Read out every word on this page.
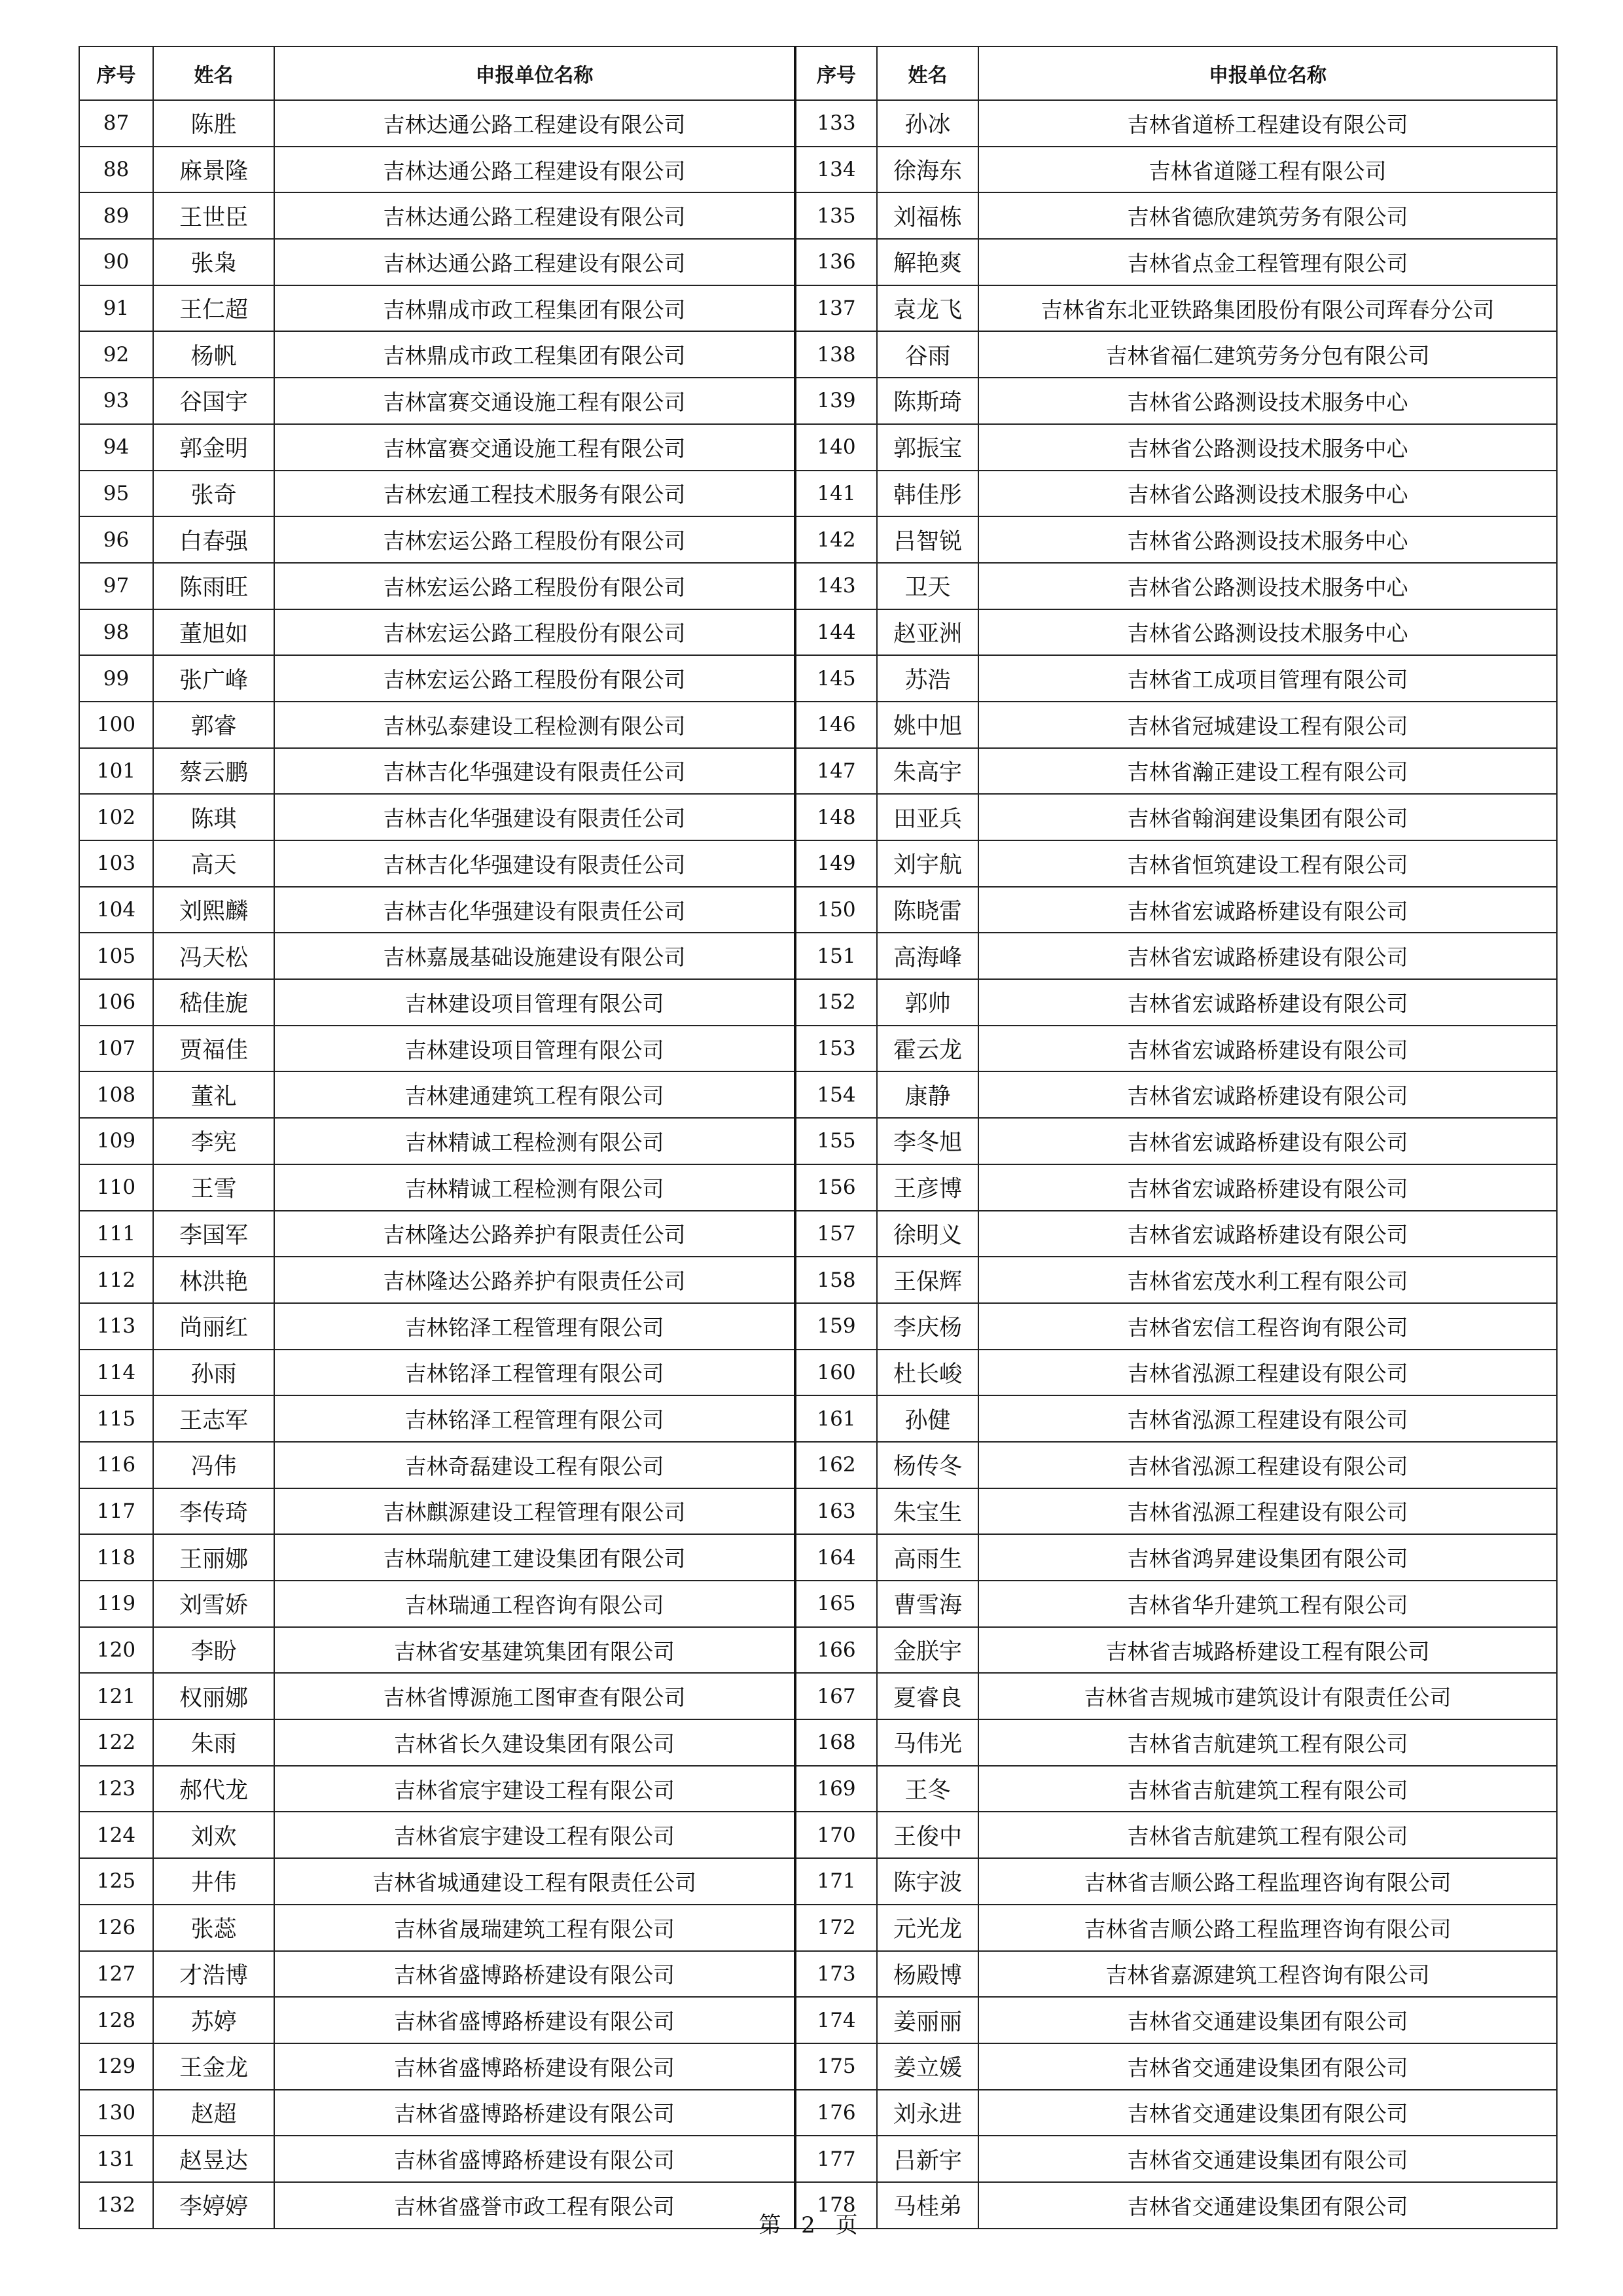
序号	姓名	申报单位名称	序号	姓名	申报单位名称
87	陈胜	吉林达通公路工程建设有限公司	133	孙冰	吉林省道桥工程建设有限公司
88	麻景隆	吉林达通公路工程建设有限公司	134	徐海东	吉林省道隧工程有限公司
89	王世臣	吉林达通公路工程建设有限公司	135	刘福栋	吉林省德欣建筑劳务有限公司
90	张枭	吉林达通公路工程建设有限公司	136	解艳爽	吉林省点金工程管理有限公司
91	王仁超	吉林鼎成市政工程集团有限公司	137	袁龙飞	吉林省东北亚铁路集团股份有限公司珲春分公司
92	杨帆	吉林鼎成市政工程集团有限公司	138	谷雨	吉林省福仁建筑劳务分包有限公司
93	谷国宇	吉林富赛交通设施工程有限公司	139	陈斯琦	吉林省公路测设技术服务中心
94	郭金明	吉林富赛交通设施工程有限公司	140	郭振宝	吉林省公路测设技术服务中心
95	张奇	吉林宏通工程技术服务有限公司	141	韩佳彤	吉林省公路测设技术服务中心
96	白春强	吉林宏运公路工程股份有限公司	142	吕智锐	吉林省公路测设技术服务中心
97	陈雨旺	吉林宏运公路工程股份有限公司	143	卫天	吉林省公路测设技术服务中心
98	董旭如	吉林宏运公路工程股份有限公司	144	赵亚洲	吉林省公路测设技术服务中心
99	张广峰	吉林宏运公路工程股份有限公司	145	苏浩	吉林省工成项目管理有限公司
100	郭睿	吉林弘泰建设工程检测有限公司	146	姚中旭	吉林省冠城建设工程有限公司
101	蔡云鹏	吉林吉化华强建设有限责任公司	147	朱高宇	吉林省瀚正建设工程有限公司
102	陈琪	吉林吉化华强建设有限责任公司	148	田亚兵	吉林省翰润建设集团有限公司
103	高天	吉林吉化华强建设有限责任公司	149	刘宇航	吉林省恒筑建设工程有限公司
104	刘熙麟	吉林吉化华强建设有限责任公司	150	陈晓雷	吉林省宏诚路桥建设有限公司
105	冯天松	吉林嘉晟基础设施建设有限公司	151	高海峰	吉林省宏诚路桥建设有限公司
106	嵇佳旎	吉林建设项目管理有限公司	152	郭帅	吉林省宏诚路桥建设有限公司
107	贾福佳	吉林建设项目管理有限公司	153	霍云龙	吉林省宏诚路桥建设有限公司
108	董礼	吉林建通建筑工程有限公司	154	康静	吉林省宏诚路桥建设有限公司
109	李宪	吉林精诚工程检测有限公司	155	李冬旭	吉林省宏诚路桥建设有限公司
110	王雪	吉林精诚工程检测有限公司	156	王彦博	吉林省宏诚路桥建设有限公司
111	李国军	吉林隆达公路养护有限责任公司	157	徐明义	吉林省宏诚路桥建设有限公司
112	林洪艳	吉林隆达公路养护有限责任公司	158	王保辉	吉林省宏茂水利工程有限公司
113	尚丽红	吉林铭泽工程管理有限公司	159	李庆杨	吉林省宏信工程咨询有限公司
114	孙雨	吉林铭泽工程管理有限公司	160	杜长峻	吉林省泓源工程建设有限公司
115	王志军	吉林铭泽工程管理有限公司	161	孙健	吉林省泓源工程建设有限公司
116	冯伟	吉林奇磊建设工程有限公司	162	杨传冬	吉林省泓源工程建设有限公司
117	李传琦	吉林麒源建设工程管理有限公司	163	朱宝生	吉林省泓源工程建设有限公司
118	王丽娜	吉林瑞航建工建设集团有限公司	164	高雨生	吉林省鸿昇建设集团有限公司
119	刘雪娇	吉林瑞通工程咨询有限公司	165	曹雪海	吉林省华升建筑工程有限公司
120	李盼	吉林省安基建筑集团有限公司	166	金朕宇	吉林省吉城路桥建设工程有限公司
121	权丽娜	吉林省博源施工图审查有限公司	167	夏睿良	吉林省吉规城市建筑设计有限责任公司
122	朱雨	吉林省长久建设集团有限公司	168	马伟光	吉林省吉航建筑工程有限公司
123	郝代龙	吉林省宸宇建设工程有限公司	169	王冬	吉林省吉航建筑工程有限公司
124	刘欢	吉林省宸宇建设工程有限公司	170	王俊中	吉林省吉航建筑工程有限公司
125	井伟	吉林省城通建设工程有限责任公司	171	陈宇波	吉林省吉顺公路工程监理咨询有限公司
126	张蕊	吉林省晟瑞建筑工程有限公司	172	元光龙	吉林省吉顺公路工程监理咨询有限公司
127	才浩博	吉林省盛博路桥建设有限公司	173	杨殿博	吉林省嘉源建筑工程咨询有限公司
128	苏婷	吉林省盛博路桥建设有限公司	174	姜丽丽	吉林省交通建设集团有限公司
129	王金龙	吉林省盛博路桥建设有限公司	175	姜立媛	吉林省交通建设集团有限公司
130	赵超	吉林省盛博路桥建设有限公司	176	刘永进	吉林省交通建设集团有限公司
131	赵昱达	吉林省盛博路桥建设有限公司	177	吕新宇	吉林省交通建设集团有限公司
132	李婷婷	吉林省盛誉市政工程有限公司	178	马桂弟	吉林省交通建设集团有限公司
第 2 页
